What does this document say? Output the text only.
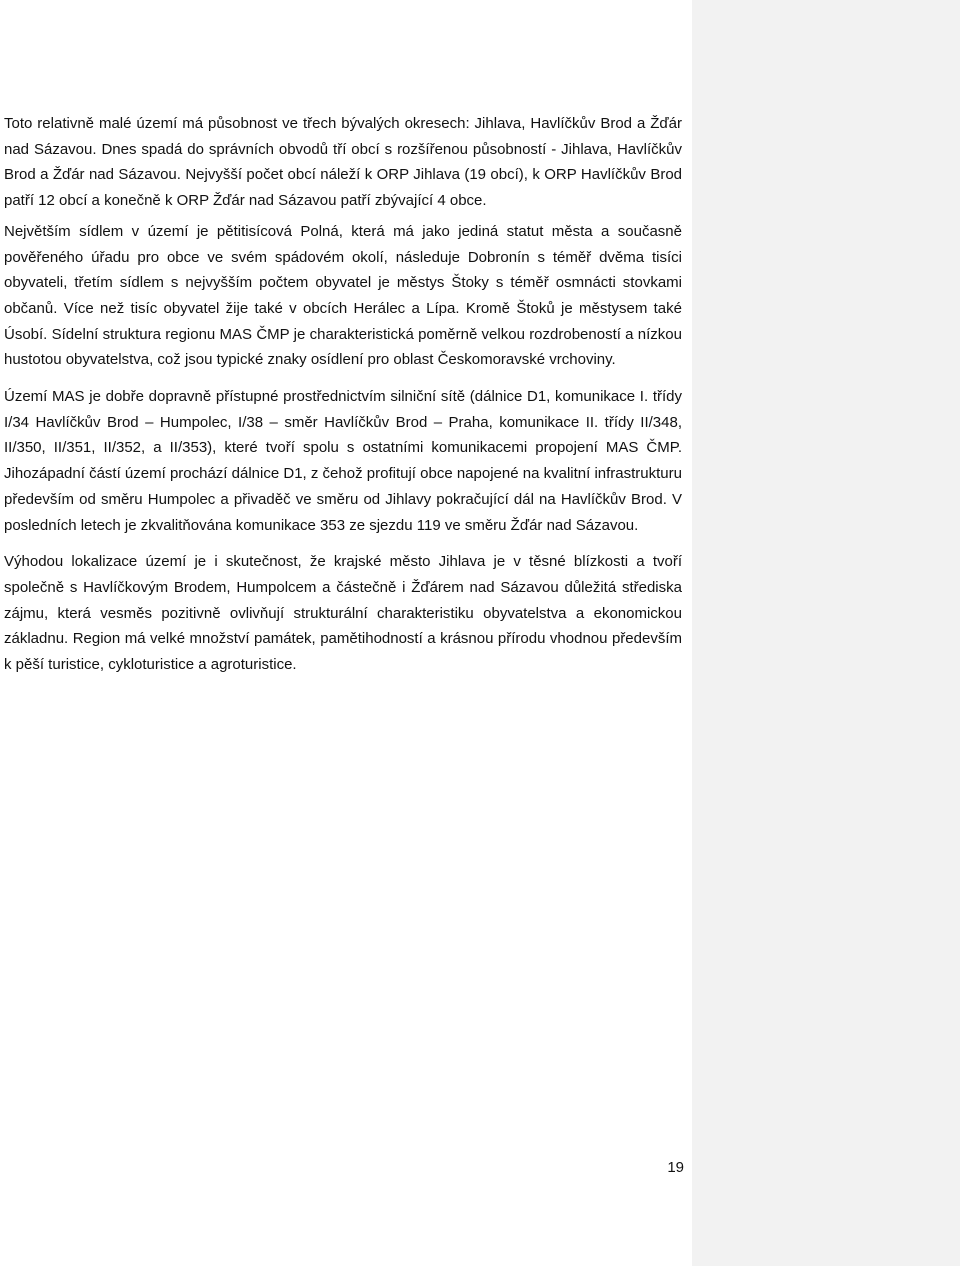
Toto relativně malé území má působnost ve třech bývalých okresech: Jihlava, Havlíčkův Brod a Žďár nad Sázavou. Dnes spadá do správních obvodů tří obcí s rozšířenou působností - Jihlava, Havlíčkův Brod a Žďár nad Sázavou. Nejvyšší počet obcí náleží k ORP Jihlava (19 obcí), k ORP Havlíčkův Brod patří 12 obcí a konečně k ORP Žďár nad Sázavou patří zbývající 4 obce.

Největším sídlem v území je pětitisícová Polná, která má jako jediná statut města a současně pověřeného úřadu pro obce ve svém spádovém okolí, následuje Dobronín s téměř dvěma tisíci obyvateli, třetím sídlem s nejvyšším počtem obyvatel je městys Štoky s téměř osmnácti stovkami občanů. Více než tisíc obyvatel žije také v obcích Herálec a Lípa. Kromě Štoků je městysem také Úsobí. Sídelní struktura regionu MAS ČMP je charakteristická poměrně velkou rozdrobeností a nízkou hustotou obyvatelstva, což jsou typické znaky osídlení pro oblast Českomoravské vrchoviny.

Území MAS je dobře dopravně přístupné prostřednictvím silniční sítě (dálnice D1, komunikace I. třídy I/34 Havlíčkův Brod – Humpolec, I/38 – směr Havlíčkův Brod – Praha, komunikace II. třídy II/348, II/350, II/351, II/352, a II/353), které tvoří spolu s ostatními komunikacemi propojení MAS ČMP. Jihozápadní částí území prochází dálnice D1, z čehož profitují obce napojené na kvalitní infrastrukturu především od směru Humpolec a přivaděč ve směru od Jihlavy pokračující dál na Havlíčkův Brod. V posledních letech je zkvalitňována komunikace 353 ze sjezdu 119 ve směru Žďár nad Sázavou.

Výhodou lokalizace území je i skutečnost, že krajské město Jihlava je v těsné blízkosti a tvoří společně s Havlíčkovým Brodem, Humpolcem a částečně i Žďárem nad Sázavou důležitá střediska zájmu, která vesměs pozitivně ovlivňují strukturální charakteristiku obyvatelstva a ekonomickou základnu. Region má velké množství památek, pamětihodností a krásnou přírodu vhodnou především k pěší turistice, cykloturistice a agroturistice.

19
